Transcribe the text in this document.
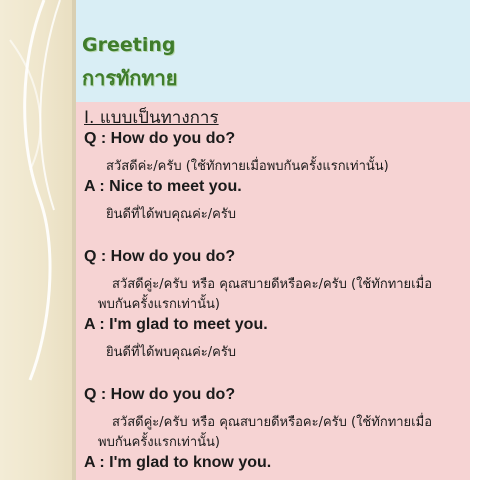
Greeting
การทักทาย
I. แบบเป็นทางการ
Q : How do you do?
สวัสดีค่ะ/ครับ (ใช้ทักทายเมื่อพบกันครั้งแรกเท่านั้น)
A : Nice to meet you.
ยินดีที่ได้พบคุณค่ะ/ครับ
Q : How do you do?
สวัสดีคู่ะ/ครับ หรือ คุณสบายดีหรือคะ/ครับ (ใช้ทักทายเมื่อ
พบกันครั้งแรกเท่านั้น)
A : I'm glad to meet you.
ยินดีที่ได้พบคุณค่ะ/ครับ
Q : How do you do?
สวัสดีคู่ะ/ครับ หรือ คุณสบายดีหรือคะ/ครับ (ใช้ทักทายเมื่อ
พบกันครั้งแรกเท่านั้น)
A : I'm glad to know you.
